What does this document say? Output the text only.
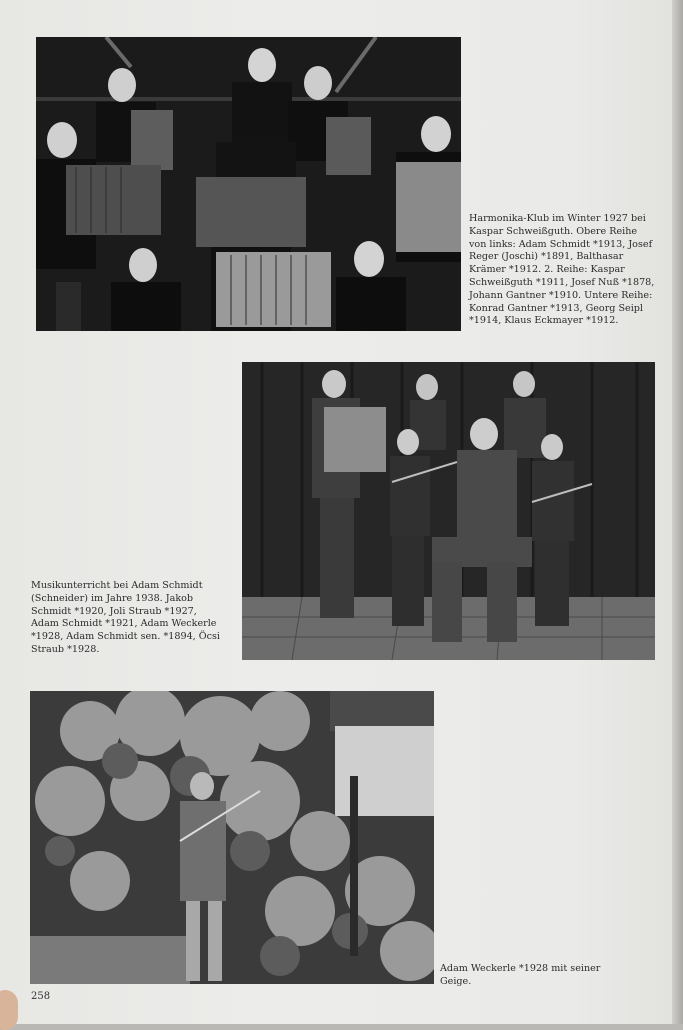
Harmonika-Klub im Winter 1927 bei Kaspar Schweißguth. Obere Reihe von links: Adam Schmidt *1913, Josef Reger (Joschi) *1891, Balthasar Krämer *1912. 2. Reihe: Kaspar Schweißguth *1911, Josef Nuß *1878, Johann Gantner *1910. Untere Reihe: Konrad Gantner *1913, Georg Seipl *1914, Klaus Eckmayer *1912.

Musikunterricht bei Adam Schmidt (Schneider) im Jahre 1938. Jakob Schmidt *1920, Joli Straub *1927, Adam Schmidt *1921, Adam Weckerle *1928, Adam Schmidt sen. *1894, Öcsi Straub *1928.

Adam Weckerle *1928 mit seiner Geige.

258
